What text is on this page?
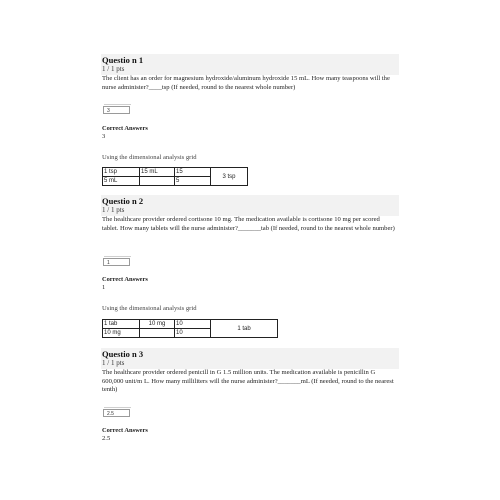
Questio n 1
1 / 1 pts
The client has an order for magnesium hydroxide/aluminum hydroxide 15 mL. How many teaspoons will the nurse administer?____tsp (If needed, round to the nearest whole number)
3
Correct Answers
3
Using the dimensional analysis grid
1 tsp	15 mL	15	3 tsp
5 mL		5	
Questio n 2
1 / 1 pts
The healthcare provider ordered cortisone 10 mg. The medication available is cortisone 10 mg per scored tablet. How many tablets will the nurse administer?_______tab (If needed, round to the nearest whole number)
1
Correct Answers
1
Using the dimensional analysis grid
1 tab	10 mg	10	1 tab
10 mg		10	
Questio n 3
1 / 1 pts
The healthcare provider ordered penicill in G 1.5 million units. The medication available is penicillin G 600,000 unit/m L. How many milliliters will the nurse administer?_______mL (If needed, round to the nearest tenth)
2.5
Correct Answers
2.5
